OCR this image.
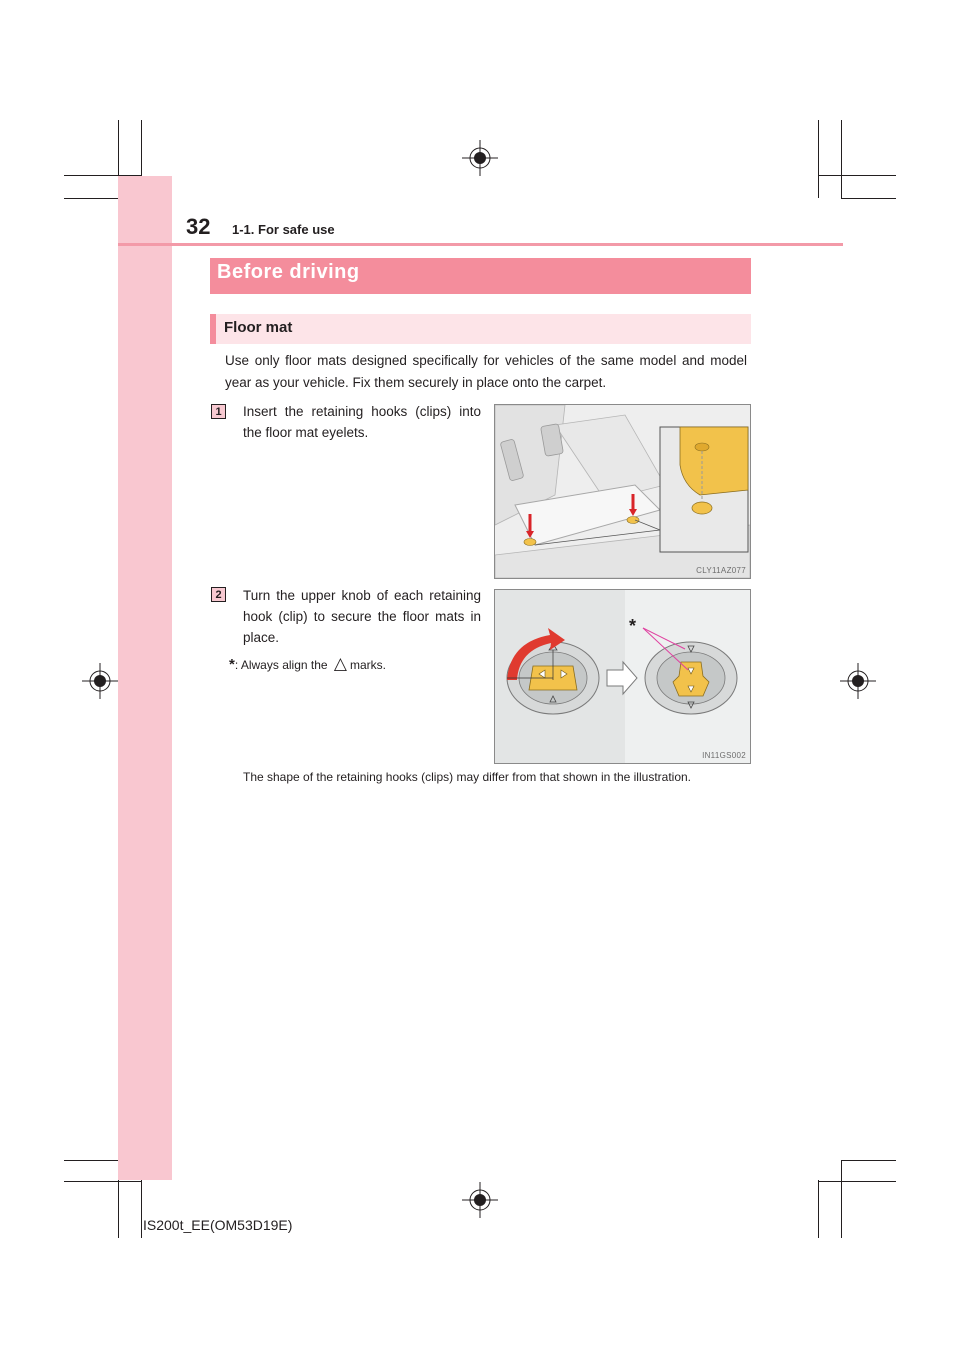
32 1-1. For safe use
Before driving
Floor mat
Use only floor mats designed specifically for vehicles of the same model and model year as your vehicle. Fix them securely in place onto the carpet.
1	Insert the retaining hooks (clips) into the floor mat eyelets.
CLY11AZ077
2	Turn the upper knob of each retaining hook (clip) to secure the floor mats in place.
*: Always align the △ marks.
*
IN11GS002
The shape of the retaining hooks (clips) may differ from that shown in the illustration.
IS200t_EE(OM53D19E)
